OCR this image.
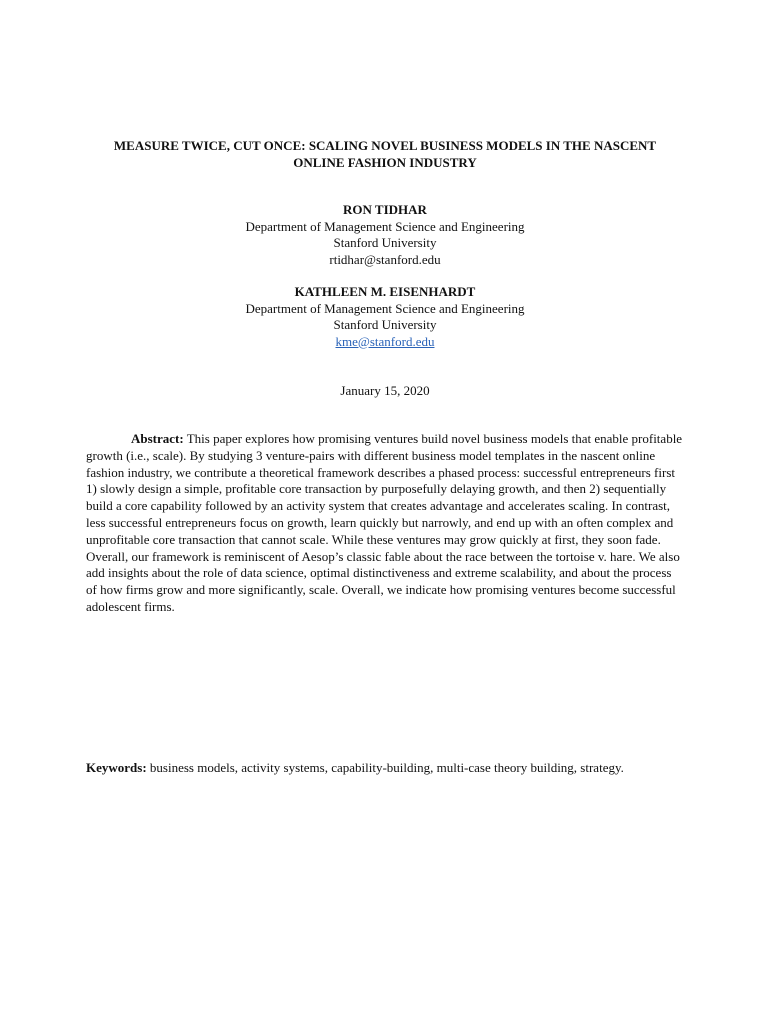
MEASURE TWICE, CUT ONCE: SCALING NOVEL BUSINESS MODELS IN THE NASCENT
ONLINE FASHION INDUSTRY
RON TIDHAR
Department of Management Science and Engineering
Stanford University
rtidhar@stanford.edu
KATHLEEN M. EISENHARDT
Department of Management Science and Engineering
Stanford University
kme@stanford.edu
January 15, 2020
Abstract: This paper explores how promising ventures build novel business models that enable profitable growth (i.e., scale). By studying 3 venture-pairs with different business model templates in the nascent online fashion industry, we contribute a theoretical framework describes a phased process: successful entrepreneurs first 1) slowly design a simple, profitable core transaction by purposefully delaying growth, and then 2) sequentially build a core capability followed by an activity system that creates advantage and accelerates scaling. In contrast, less successful entrepreneurs focus on growth, learn quickly but narrowly, and end up with an often complex and unprofitable core transaction that cannot scale. While these ventures may grow quickly at first, they soon fade. Overall, our framework is reminiscent of Aesop’s classic fable about the race between the tortoise v. hare. We also add insights about the role of data science, optimal distinctiveness and extreme scalability, and about the process of how firms grow and more significantly, scale. Overall, we indicate how promising ventures become successful adolescent firms.
Keywords: business models, activity systems, capability-building, multi-case theory building, strategy.
